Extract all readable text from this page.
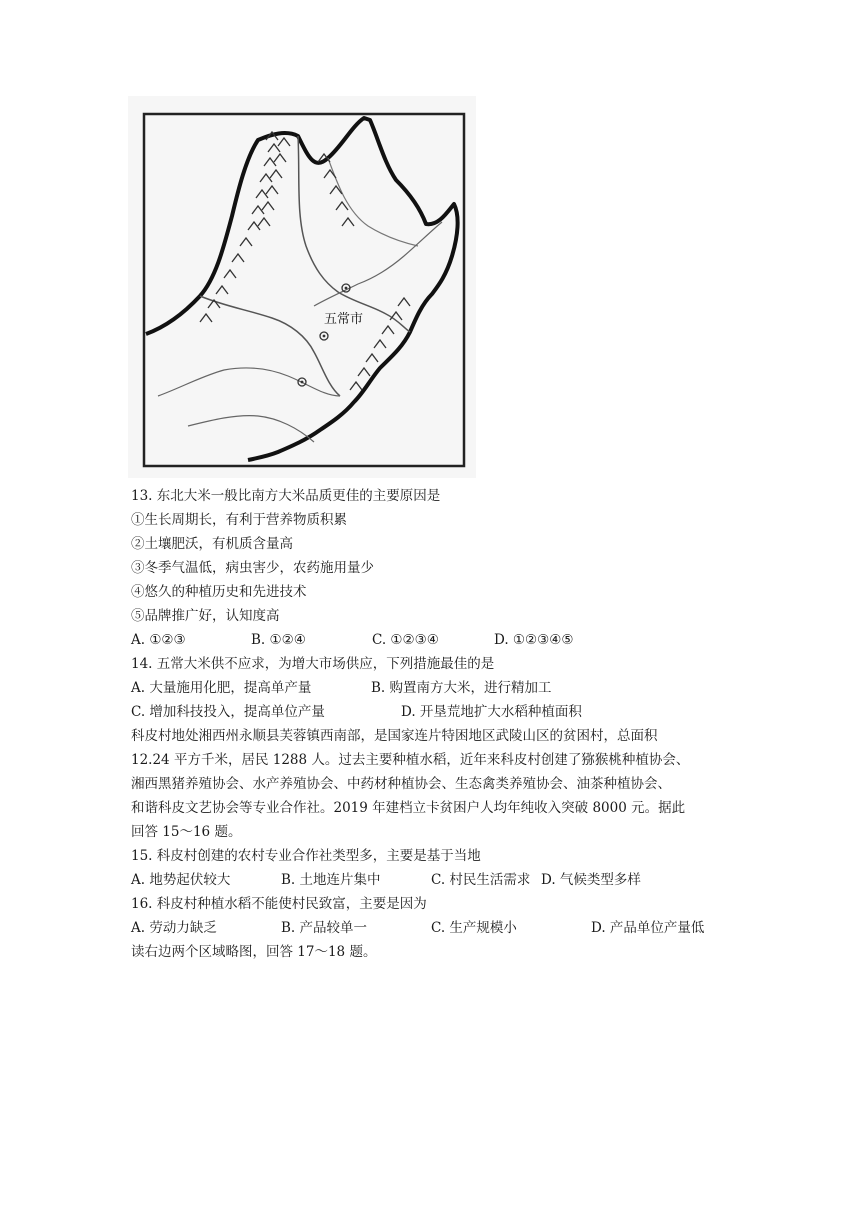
五常市
13. 东北大米一般比南方大米品质更佳的主要原因是
①生长周期长，有利于营养物质积累
②土壤肥沃，有机质含量高
③冬季气温低，病虫害少，农药施用量少
④悠久的种植历史和先进技术
⑤品牌推广好，认知度高
A. ①②③	B. ①②④	C. ①②③④	D. ①②③④⑤
14. 五常大米供不应求，为增大市场供应，下列措施最佳的是
A. 大量施用化肥，提高单产量	B. 购置南方大米，进行精加工
C. 增加科技投入，提高单位产量	D. 开垦荒地扩大水稻种植面积
科皮村地处湘西州永顺县芙蓉镇西南部，是国家连片特困地区武陵山区的贫困村，总面积
12.24 平方千米，居民 1288 人。过去主要种植水稻，近年来科皮村创建了猕猴桃种植协会、
湘西黑猪养殖协会、水产养殖协会、中药材种植协会、生态禽类养殖协会、油茶种植协会、
和谐科皮文艺协会等专业合作社。2019 年建档立卡贫困户人均年纯收入突破 8000 元。据此
回答 15～16 题。
15. 科皮村创建的农村专业合作社类型多，主要是基于当地
A. 地势起伏较大	B. 土地连片集中	C. 村民生活需求 D. 气候类型多样
16. 科皮村种植水稻不能使村民致富，主要是因为
A. 劳动力缺乏	B. 产品较单一	C. 生产规模小	D. 产品单位产量低
读右边两个区域略图，回答 17～18 题。
